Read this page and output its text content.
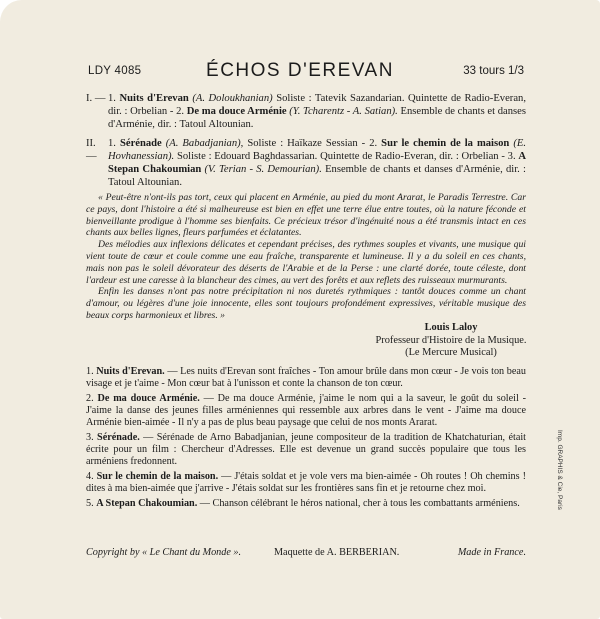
LDY 4085	ÉCHOS D'EREVAN	33 tours 1/3
I. — 1. Nuits d'Erevan (A. Doloukhanian) Soliste : Tatevik Sazandarian. Quintette de Radio-Everan, dir. : Orbelian - 2. De ma douce Arménie (Y. Tcharentz - A. Satian). Ensemble de chants et danses d'Arménie, dir. : Tatoul Altounian.
II. —
1. Sérénade (A. Babadjanian), Soliste : Haïkaze Sessian - 2. Sur le chemin de la maison (E. Hovhanessian). Soliste : Edouard Baghdassarian. Quintette de Radio-Everan, dir. : Orbelian - 3. A Stepan Chakoumian (V. Terian - S. Demourian). Ensemble de chants et danses d'Arménie, dir. : Tatoul Altounian.

« Peut-être n'ont-ils pas tort, ceux qui placent en Arménie, au pied du mont Ararat, le Paradis Terrestre. Car ce pays, dont l'histoire a été si malheureuse est bien en effet une terre élue entre toutes, où la nature féconde et bienveillante prodigue à l'homme ses bienfaits. Ce précieux trésor d'ingénuité nous a été transmis intact en ces chants aux belles lignes, fleurs parfumées et éclatantes.

Des mélodies aux inflexions délicates et cependant précises, des rythmes souples et vivants, une musique qui vient toute de cœur et coule comme une eau fraîche, transparente et lumineuse. Il y a du soleil en ces chants, mais non pas le soleil dévorateur des déserts de l'Arabie et de la Perse : une clarté dorée, toute céleste, dont l'ardeur est une caresse à la blancheur des cimes, au vert des forêts et aux reflets des ruisseaux murmurants.

Enfin les danses n'ont pas notre précipitation ni nos duretés rythmiques : tantôt douces comme un chant d'amour, ou légères d'une joie innocente, elles sont toujours profondément expressives, véritable musique des beaux corps harmonieux et libres. »

Louis Laloy
Professeur d'Histoire de la Musique.
(Le Mercure Musical)
1. Nuits d'Erevan. — Les nuits d'Erevan sont fraîches - Ton amour brûle dans mon cœur - Je vois ton beau visage et je t'aime - Mon cœur bat à l'unisson et conte la chanson de ton cœur.
2. De ma douce Arménie. — De ma douce Arménie, j'aime le nom qui a la saveur, le goût du soleil - J'aime la danse des jeunes filles arméniennes qui ressemble aux arbres dans le vent - J'aime ma douce Arménie bien-aimée - Il n'y a pas de plus beau paysage que celui de nos monts Ararat.
3. Sérénade. — Sérénade de Arno Babadjanian, jeune compositeur de la tradition de Khatchaturian, était écrite pour un film : Chercheur d'Adresses. Elle est devenue un grand succès populaire que tous les arméniens fredonnent.
4. Sur le chemin de la maison. — J'étais soldat et je vole vers ma bien-aimée - Oh routes ! Oh chemins ! dites à ma bien-aimée que j'arrive - J'étais soldat sur les frontières sans fin et je retourne chez moi.
5. A Stepan Chakoumian. — Chanson célébrant le héros national, cher à tous les combattants arméniens.
Copyright by « Le Chant du Monde ».	Maquette de A. BERBERIAN.	Made in France.
Imp. GRAPHIS & Cie, Paris
